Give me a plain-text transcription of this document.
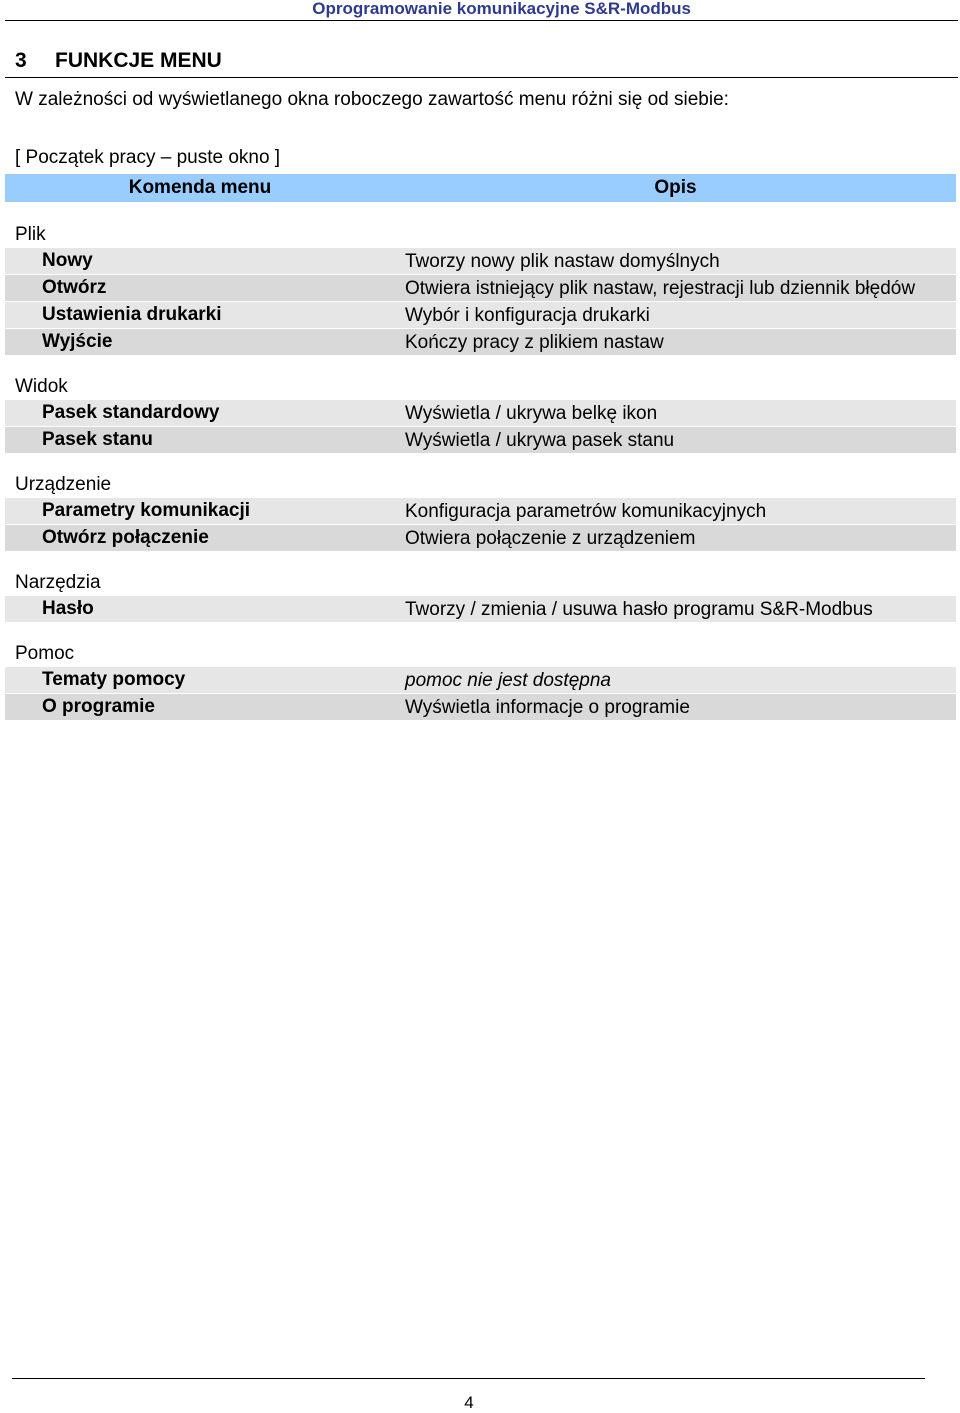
Oprogramowanie komunikacyjne S&R-Modbus
3 FUNKCJE MENU
W zależności od wyświetlanego okna roboczego zawartość menu różni się od siebie:
[ Początek pracy – puste okno ]
Komenda menu	Opis
Plik
Nowy	Tworzy nowy plik nastaw domyślnych
Otwórz	Otwiera istniejący plik nastaw, rejestracji lub dziennik błędów
Ustawienia drukarki	Wybór i konfiguracja drukarki
Wyjście	Kończy pracy z plikiem nastaw
Widok
Pasek standardowy	Wyświetla / ukrywa belkę ikon
Pasek stanu	Wyświetla / ukrywa pasek stanu
Urządzenie
Parametry komunikacji	Konfiguracja parametrów komunikacyjnych
Otwórz połączenie	Otwiera połączenie z urządzeniem
Narzędzia
Hasło	Tworzy / zmienia / usuwa hasło programu S&R-Modbus
Pomoc
Tematy pomocy	pomoc nie jest dostępna
O programie	Wyświetla informacje o programie
4
